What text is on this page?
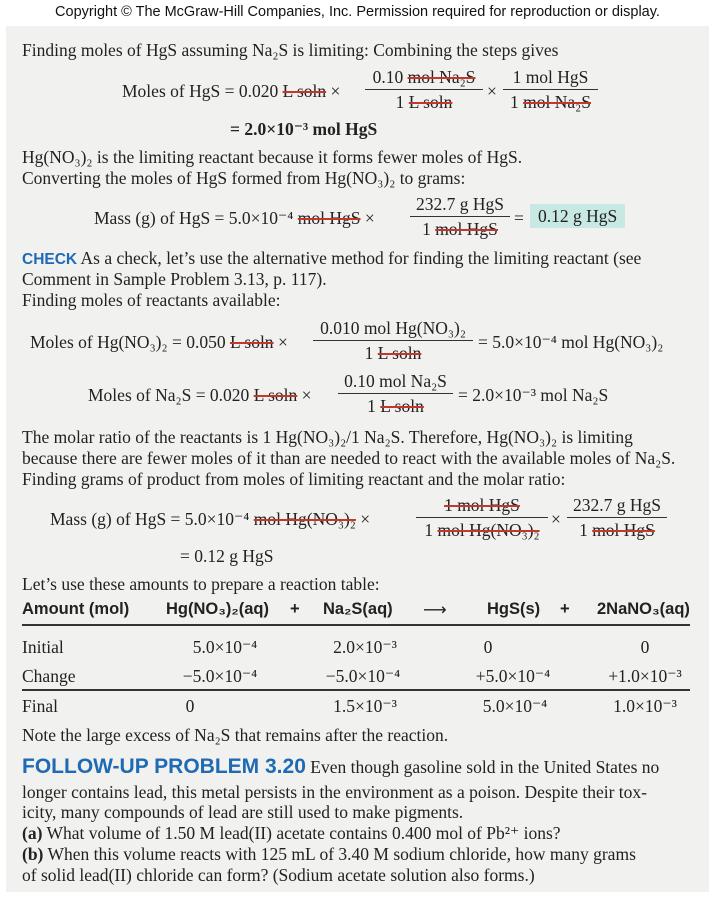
Copyright © The McGraw-Hill Companies, Inc. Permission required for reproduction or display.
Finding moles of HgS assuming Na₂S is limiting: Combining the steps gives
Moles of HgS = 0.020 L soln ×
0.10 mol Na₂S
1 L soln
×
1 mol HgS
1 mol Na₂S
= 2.0×10⁻³ mol HgS
Hg(NO₃)₂ is the limiting reactant because it forms fewer moles of HgS.
Converting the moles of HgS formed from Hg(NO₃)₂ to grams:
Mass (g) of HgS = 5.0×10⁻⁴ mol HgS ×
232.7 g HgS
1 mol HgS
= 0.12 g HgS
CHECK As a check, let’s use the alternative method for finding the limiting reactant (see
Comment in Sample Problem 3.13, p. 117).
Finding moles of reactants available:
Moles of Hg(NO₃)₂ = 0.050 L soln ×
0.010 mol Hg(NO₃)₂
1 L soln
= 5.0×10⁻⁴ mol Hg(NO₃)₂
Moles of Na₂S = 0.020 L soln ×
0.10 mol Na₂S
1 L soln
= 2.0×10⁻³ mol Na₂S
The molar ratio of the reactants is 1 Hg(NO₃)₂/1 Na₂S. Therefore, Hg(NO₃)₂ is limiting
because there are fewer moles of it than are needed to react with the available moles of Na₂S.
Finding grams of product from moles of limiting reactant and the molar ratio:
Mass (g) of HgS = 5.0×10⁻⁴ mol Hg(NO₃)₂ ×
1 mol HgS
1 mol Hg(NO₃)₂
×
232.7 g HgS
1 mol HgS
= 0.12 g HgS
Let’s use these amounts to prepare a reaction table:
Amount (mol) Hg(NO₃)₂(aq) + Na₂S(aq) ⟶ HgS(s) + 2NaNO₃(aq)
Initial	5.0×10⁻⁴	2.0×10⁻³	0	0
Change	−5.0×10⁻⁴	−5.0×10⁻⁴	+5.0×10⁻⁴	+1.0×10⁻³
Final	0	1.5×10⁻³	5.0×10⁻⁴	1.0×10⁻³
Note the large excess of Na₂S that remains after the reaction.
FOLLOW-UP PROBLEM 3.20 Even though gasoline sold in the United States no
longer contains lead, this metal persists in the environment as a poison. Despite their tox-
icity, many compounds of lead are still used to make pigments.
(a) What volume of 1.50 M lead(II) acetate contains 0.400 mol of Pb²⁺ ions?
(b) When this volume reacts with 125 mL of 3.40 M sodium chloride, how many grams
of solid lead(II) chloride can form? (Sodium acetate solution also forms.)
